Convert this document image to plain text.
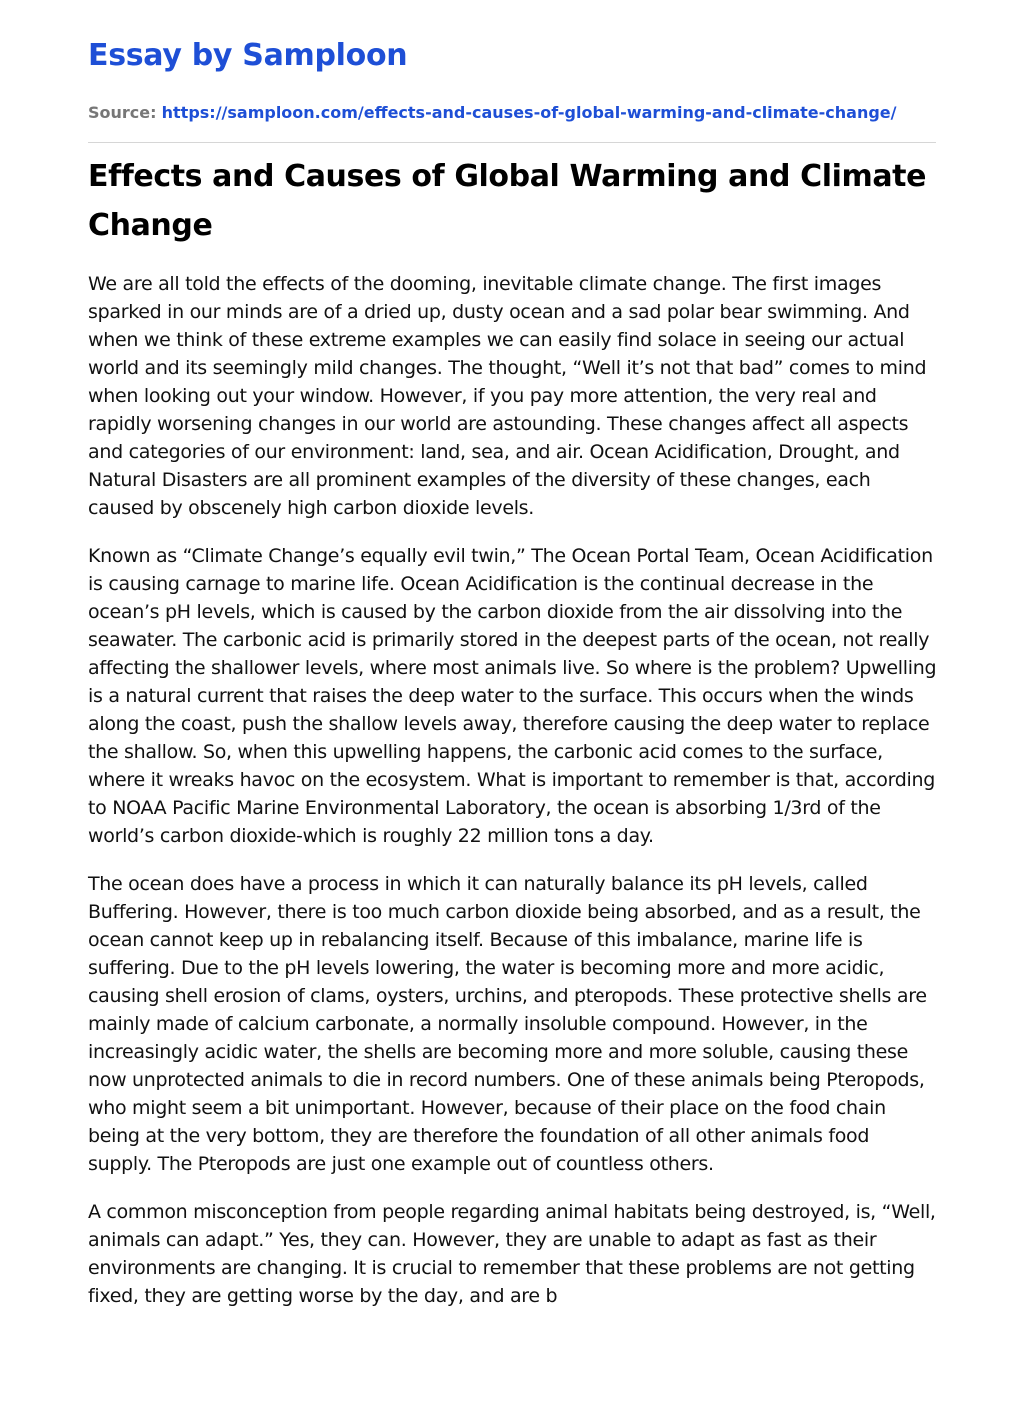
Essay by Samploon
Source: https://samploon.com/effects-and-causes-of-global-warming-and-climate-change/
Effects and Causes of Global Warming and Climate Change

We are all told the effects of the dooming, inevitable climate change. The first images sparked in our minds are of a dried up, dusty ocean and a sad polar bear swimming. And when we think of these extreme examples we can easily find solace in seeing our actual world and its seemingly mild changes. The thought, “Well it’s not that bad” comes to mind when looking out your window. However, if you pay more attention, the very real and rapidly worsening changes in our world are astounding. These changes affect all aspects and categories of our environment: land, sea, and air. Ocean Acidification, Drought, and Natural Disasters are all prominent examples of the diversity of these changes, each caused by obscenely high carbon dioxide levels.

Known as “Climate Change’s equally evil twin,” The Ocean Portal Team, Ocean Acidification is causing carnage to marine life. Ocean Acidification is the continual decrease in the ocean’s pH levels, which is caused by the carbon dioxide from the air dissolving into the seawater. The carbonic acid is primarily stored in the deepest parts of the ocean, not really affecting the shallower levels, where most animals live. So where is the problem? Upwelling is a natural current that raises the deep water to the surface. This occurs when the winds along the coast, push the shallow levels away, therefore causing the deep water to replace the shallow. So, when this upwelling happens, the carbonic acid comes to the surface, where it wreaks havoc on the ecosystem. What is important to remember is that, according to NOAA Pacific Marine Environmental Laboratory, the ocean is absorbing 1/3rd of the world’s carbon dioxide-which is roughly 22 million tons a day.

The ocean does have a process in which it can naturally balance its pH levels, called Buffering. However, there is too much carbon dioxide being absorbed, and as a result, the ocean cannot keep up in rebalancing itself. Because of this imbalance, marine life is suffering. Due to the pH levels lowering, the water is becoming more and more acidic, causing shell erosion of clams, oysters, urchins, and pteropods. These protective shells are mainly made of calcium carbonate, a normally insoluble compound. However, in the increasingly acidic water, the shells are becoming more and more soluble, causing these now unprotected animals to die in record numbers. One of these animals being Pteropods, who might seem a bit unimportant. However, because of their place on the food chain being at the very bottom, they are therefore the foundation of all other animals food supply. The Pteropods are just one example out of countless others.

A common misconception from people regarding animal habitats being destroyed, is, “Well, animals can adapt.” Yes, they can. However, they are unable to adapt as fast as their environments are changing. It is crucial to remember that these problems are not getting fixed, they are getting worse by the day, and are b
